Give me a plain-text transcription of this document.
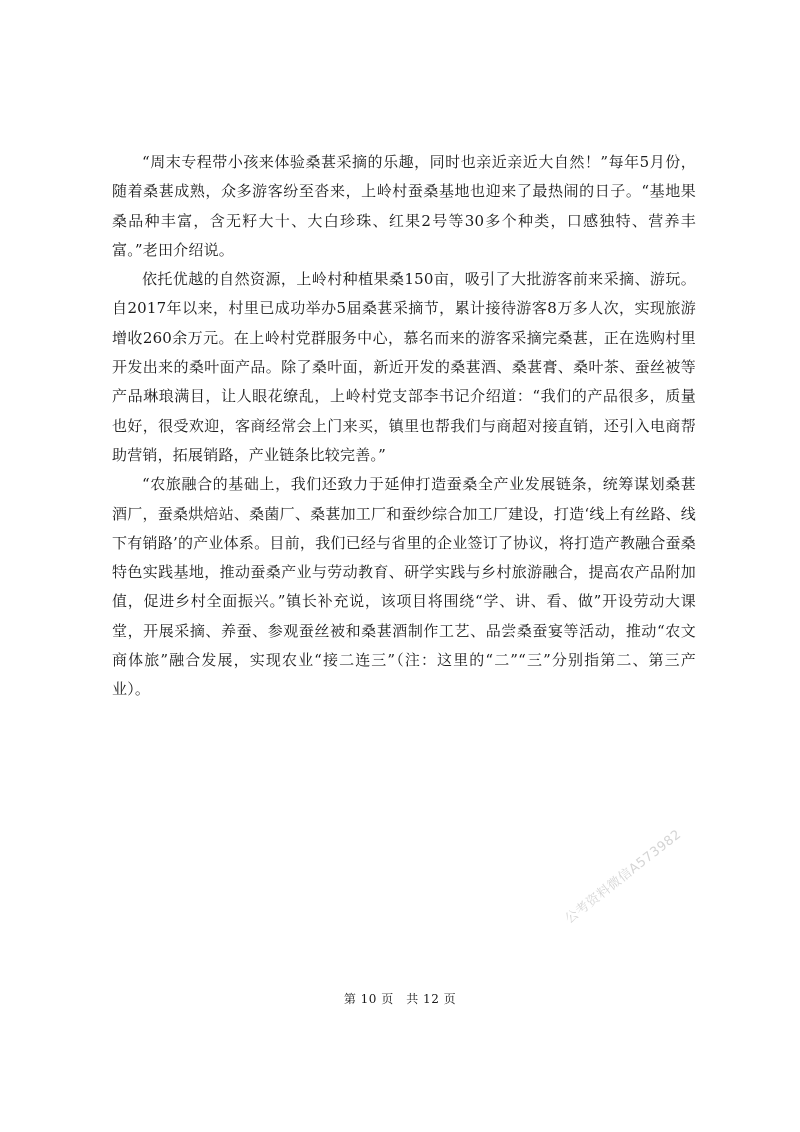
“周末专程带小孩来体验桑葚采摘的乐趣，同时也亲近亲近大自然！”每年5月份，随着桑葚成熟，众多游客纷至沓来，上岭村蚕桑基地也迎来了最热闹的日子。“基地果桑品种丰富，含无籽大十、大白珍珠、红果2号等30多个种类，口感独特、营养丰富。”老田介绍说。

依托优越的自然资源，上岭村种植果桑150亩，吸引了大批游客前来采摘、游玩。自2017年以来，村里已成功举办5届桑葚采摘节，累计接待游客8万多人次，实现旅游增收260余万元。在上岭村党群服务中心，慕名而来的游客采摘完桑葚，正在选购村里开发出来的桑叶面产品。除了桑叶面，新近开发的桑葚酒、桑葚膏、桑叶茶、蚕丝被等产品琳琅满目，让人眼花缭乱，上岭村党支部李书记介绍道：“我们的产品很多，质量也好，很受欢迎，客商经常会上门来买，镇里也帮我们与商超对接直销，还引入电商帮助营销，拓展销路，产业链条比较完善。”

“农旅融合的基础上，我们还致力于延伸打造蚕桑全产业发展链条，统筹谋划桑葚酒厂，蚕桑烘焙站、桑菌厂、桑葚加工厂和蚕纱综合加工厂建设，打造‘线上有丝路、线下有销路’的产业体系。目前，我们已经与省里的企业签订了协议，将打造产教融合蚕桑特色实践基地，推动蚕桑产业与劳动教育、研学实践与乡村旅游融合，提高农产品附加值，促进乡村全面振兴。”镇长补充说，该项目将围绕“学、讲、看、做”开设劳动大课堂，开展采摘、养蚕、参观蚕丝被和桑葚酒制作工艺、品尝桑蚕宴等活动，推动“农文商体旅”融合发展，实现农业“接二连三”（注：这里的“二”“三”分别指第二、第三产业）。

公考资料微信A573982
第 10 页　共 12 页
